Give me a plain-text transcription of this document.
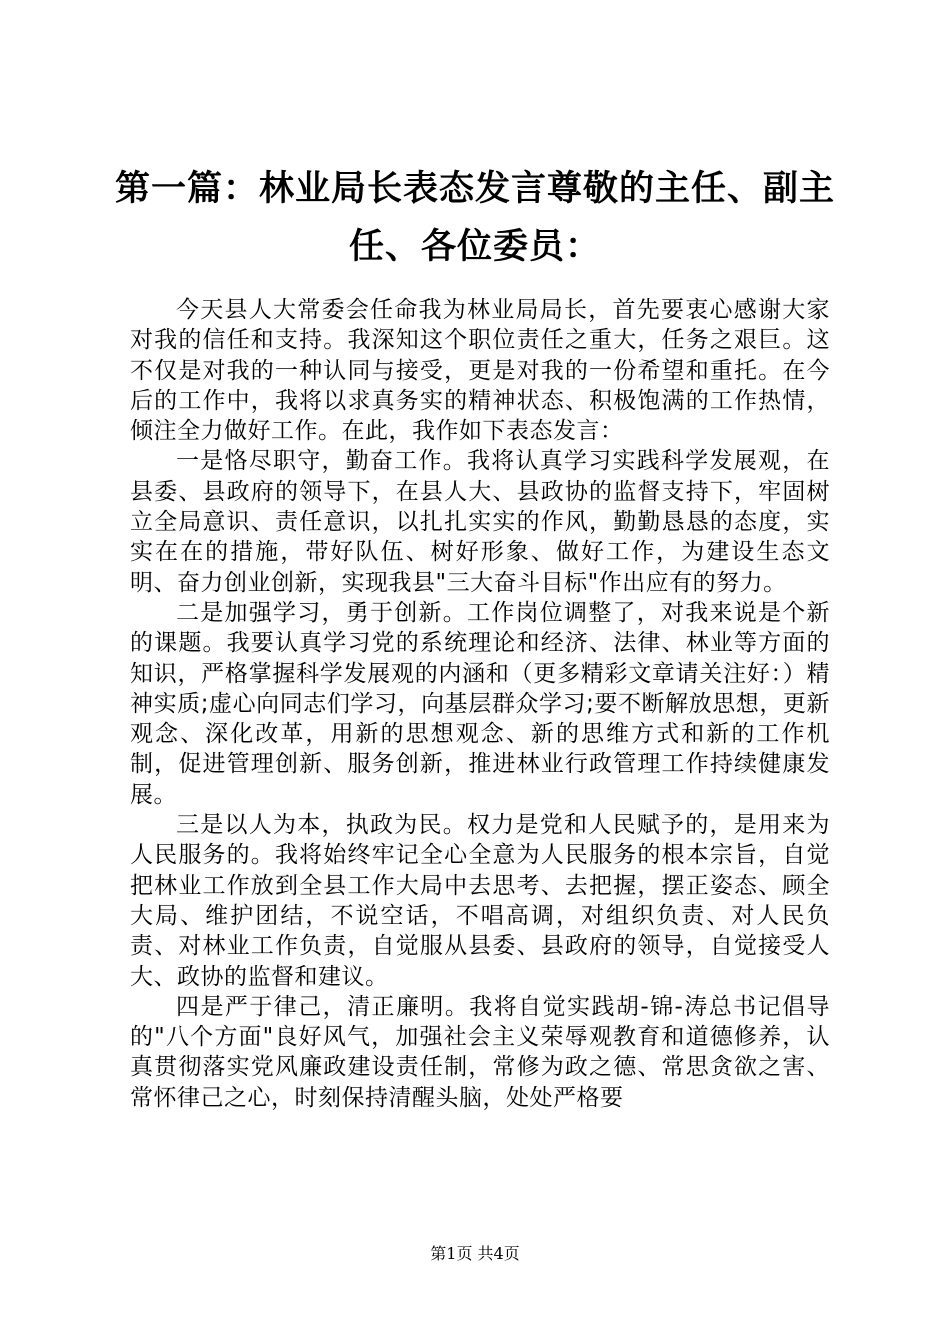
第一篇：林业局长表态发言尊敬的主任、副主任、各位委员：

今天县人大常委会任命我为林业局局长，首先要衷心感谢大家对我的信任和支持。我深知这个职位责任之重大，任务之艰巨。这不仅是对我的一种认同与接受，更是对我的一份希望和重托。在今后的工作中，我将以求真务实的精神状态、积极饱满的工作热情，倾注全力做好工作。在此，我作如下表态发言：

一是恪尽职守，勤奋工作。我将认真学习实践科学发展观，在县委、县政府的领导下，在县人大、县政协的监督支持下，牢固树立全局意识、责任意识，以扎扎实实的作风，勤勤恳恳的态度，实实在在的措施，带好队伍、树好形象、做好工作，为建设生态文明、奋力创业创新，实现我县"三大奋斗目标"作出应有的努力。

二是加强学习，勇于创新。工作岗位调整了，对我来说是个新的课题。我要认真学习党的系统理论和经济、法律、林业等方面的知识，严格掌握科学发展观的内涵和（更多精彩文章请关注好：）精神实质;虚心向同志们学习，向基层群众学习;要不断解放思想，更新观念、深化改革，用新的思想观念、新的思维方式和新的工作机制，促进管理创新、服务创新，推进林业行政管理工作持续健康发展。

三是以人为本，执政为民。权力是党和人民赋予的，是用来为人民服务的。我将始终牢记全心全意为人民服务的根本宗旨，自觉把林业工作放到全县工作大局中去思考、去把握，摆正姿态、顾全大局、维护团结，不说空话，不唱高调，对组织负责、对人民负责、对林业工作负责，自觉服从县委、县政府的领导，自觉接受人大、政协的监督和建议。

四是严于律己，清正廉明。我将自觉实践胡-锦-涛总书记倡导的"八个方面"良好风气，加强社会主义荣辱观教育和道德修养，认真贯彻落实党风廉政建设责任制，常修为政之德、常思贪欲之害、常怀律己之心，时刻保持清醒头脑，处处严格要

第1页 共4页
